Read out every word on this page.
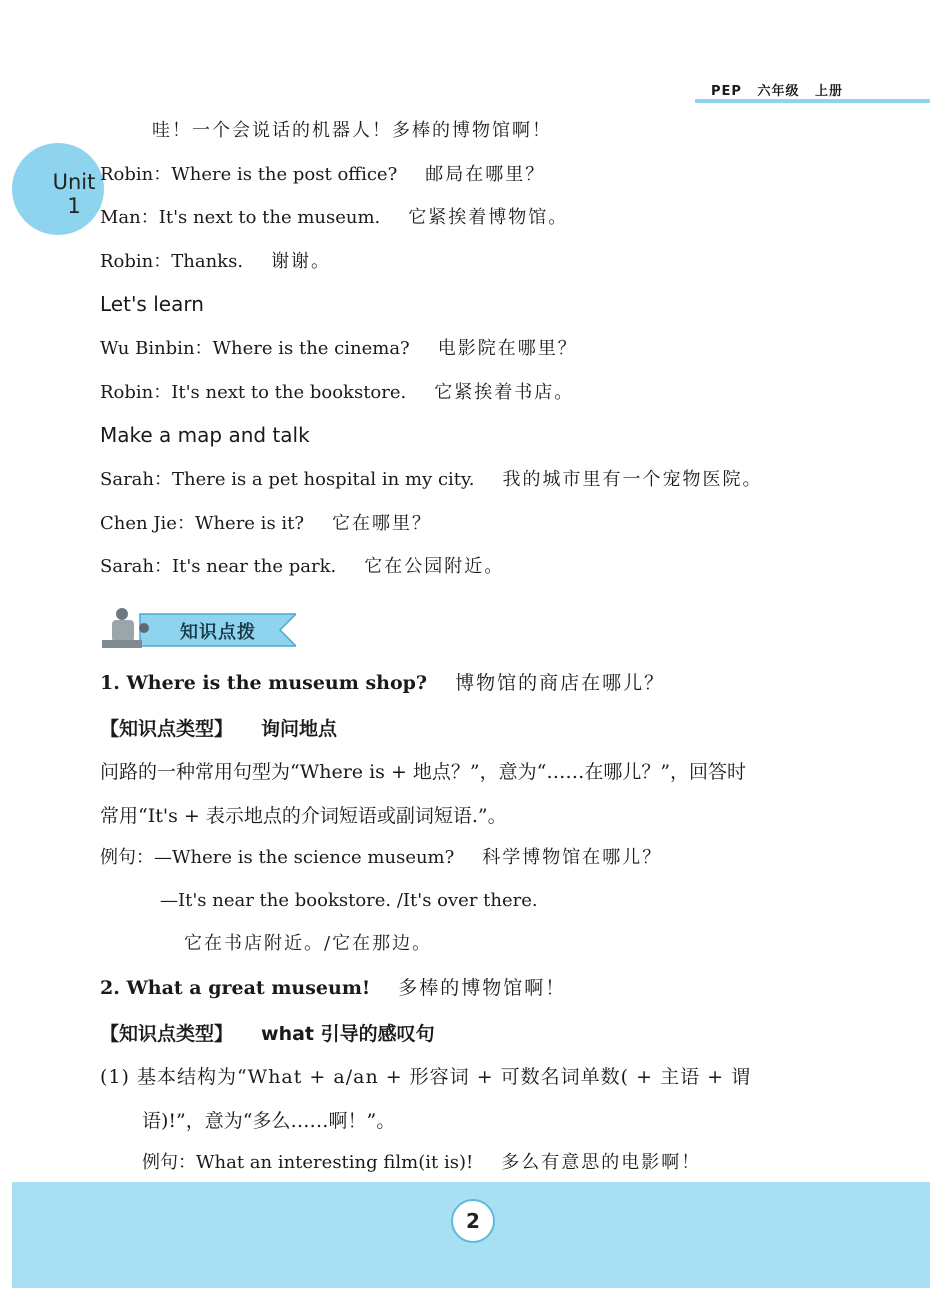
PEP 六年级 上册
Unit
1
哇！一个会说话的机器人！多棒的博物馆啊！
Robin：Where is the post office? 邮局在哪里？
Man：It's next to the museum. 它紧挨着博物馆。
Robin：Thanks. 谢谢。
Let's learn
Wu Binbin：Where is the cinema? 电影院在哪里？
Robin：It's next to the bookstore. 它紧挨着书店。
Make a map and talk
Sarah：There is a pet hospital in my city. 我的城市里有一个宠物医院。
Chen Jie：Where is it? 它在哪里？
Sarah：It's near the park. 它在公园附近。
知识点拨
1. Where is the museum shop? 博物馆的商店在哪儿？
【知识点类型】 询问地点
问路的一种常用句型为“Where is + 地点？”，意为“……在哪儿？”，回答时
常用“It's + 表示地点的介词短语或副词短语.”。
例句：—Where is the science museum? 科学博物馆在哪儿？
—It's near the bookstore. /It's over there.
它在书店附近。/它在那边。
2. What a great museum! 多棒的博物馆啊！
【知识点类型】 what 引导的感叹句
(1) 基本结构为“What + a/an + 形容词 + 可数名词单数( + 主语 + 谓
语)!”，意为“多么……啊！”。
例句：What an interesting film(it is)! 多么有意思的电影啊！
2
